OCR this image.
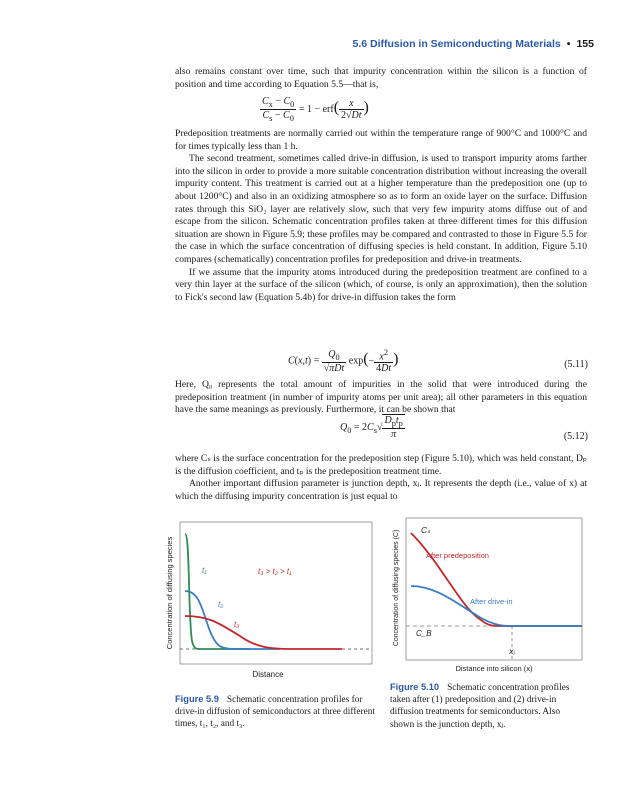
5.6 Diffusion in Semiconducting Materials • 155

also remains constant over time, such that impurity concentration within the silicon is a function of position and time according to Equation 5.5—that is,

$\frac{C_x - C_0}{C_s - C_0} = 1 - erf( \frac{x}{2√Dt}$ )

Predeposition treatments are normally carried out within the temperature range of 900°C and 1000°C and for times typically less than 1 h.

The second treatment, sometimes called drive-in diffusion, is used to transport impurity atoms farther into the silicon in order to provide a more suitable concentration distribution without increasing the overall impurity content. This treatment is carried out at a higher temperature than the predeposition one (up to about 1200°C) and also in an oxidizing atmosphere so as to form an oxide layer on the surface. Diffusion rates through this SiO₂ layer are relatively slow, such that very few impurity atoms diffuse out of and escape from the silicon. Schematic concentration profiles taken at three different times for this diffusion situation are shown in Figure 5.9; these profiles may be compared and contrasted to those in Figure 5.5 for the case in which the surface concentration of diffusing species is held constant. In addition, Figure 5.10 compares (schematically) concentration profiles for predeposition and drive-in treatments.

If we assume that the impurity atoms introduced during the predeposition treatment are confined to a very thin layer at the surface of the silicon (which, of course, is only an approximation), then the solution to Fick's second law (Equation 5.4b) for drive-in diffusion takes the form

$C(x,t) = \frac{Q_0}{\text{√πDt}} \exp(- \frac{x^2}{4Dt}$ )	(5.11)

Here, Q₀ represents the total amount of impurities in the solid that were introduced during the predeposition treatment (in number of impurity atoms per unit area); all other parameters in this equation have the same meanings as previously. Furthermore, it can be shown that

$Q_0 = 2C_s√ \frac{D_pt_p}{\pi}$	(5.12)

where Cₛ is the surface concentration for the predeposition step (Figure 5.10), which was held constant, Dₚ is the diffusion coefficient, and tₚ is the predeposition treatment time.

Another important diffusion parameter is junction depth, xⱼ. It represents the depth (i.e., value of x) at which the diffusing impurity concentration is just equal to

t₁
t₂
t₃
t₃ > t₂ > t₁
Distance
Concentration of diffusing species
Figure 5.9 Schematic concentration profiles for drive-in diffusion of semiconductors at three different times, t₁, t₂, and t₃.
Cₛ
After predeposition
After drive-in
C_B
xⱼ
Distance into silicon (x)
Concentration of diffusing species (C)
Figure 5.10 Schematic concentration profiles taken after (1) predeposition and (2) drive-in diffusion treatments for semiconductors. Also shown is the junction depth, xⱼ.
